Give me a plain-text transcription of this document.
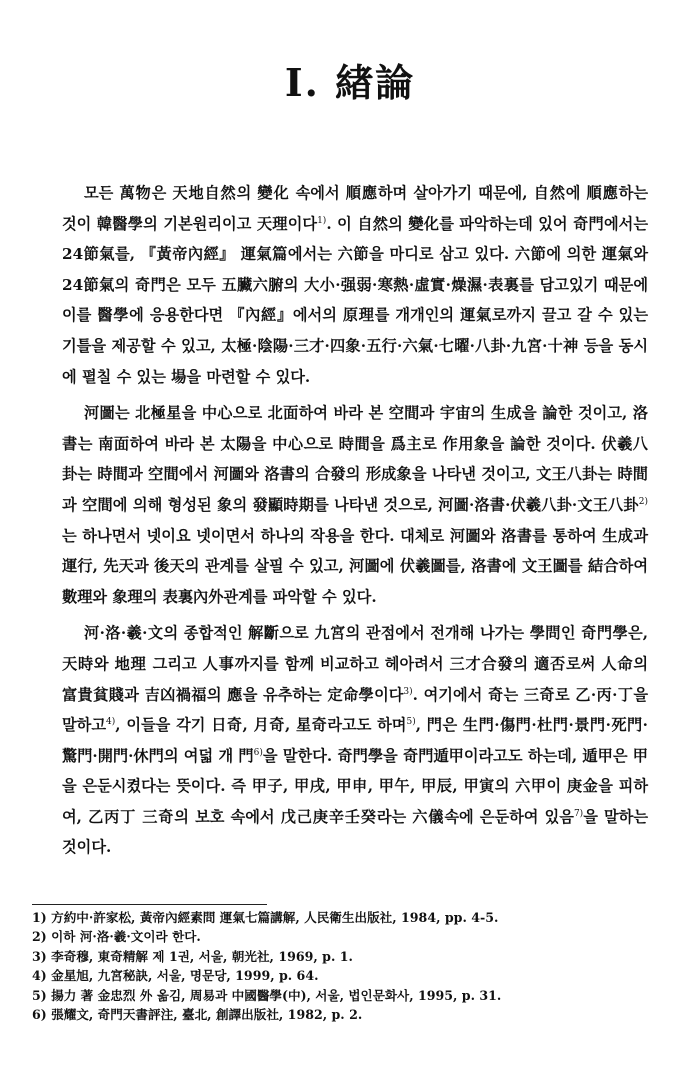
I. 緖論

모든 萬物은 天地自然의 變化 속에서 順應하며 살아가기 때문에, 自然에 順應하는 것이 韓醫學의 기본원리이고 天理이다$^{1)}$. 이 自然의 變化를 파악하는데 있어 奇門에서는 24節氣를, 『黃帝內經』 運氣篇에서는 六節을 마디로 삼고 있다. 六節에 의한 運氣와 24節氣의 奇門은 모두 五臟六腑의 大小·强弱·寒熱·虛實·燥濕·表裏를 담고있기 때문에 이를 醫學에 응용한다면 『內經』에서의 原理를 개개인의 運氣로까지 끌고 갈 수 있는 기틀을 제공할 수 있고, 太極·陰陽·三才·四象·五行·六氣·七曜·八卦·九宮·十神 등을 동시에 펼칠 수 있는 場을 마련할 수 있다.

河圖는 北極星을 中心으로 北面하여 바라 본 空間과 宇宙의 生成을 論한 것이고, 洛書는 南面하여 바라 본 太陽을 中心으로 時間을 爲主로 作用象을 論한 것이다. 伏羲八卦는 時間과 空間에서 河圖와 洛書의 合發의 形成象을 나타낸 것이고, 文王八卦는 時間과 空間에 의해 형성된 象의 發顯時期를 나타낸 것으로, 河圖·洛書·伏羲八卦·文王八卦$^{2)}$는 하나면서 넷이요 넷이면서 하나의 작용을 한다. 대체로 河圖와 洛書를 통하여 生成과 運行, 先天과 後天의 관계를 살필 수 있고, 河圖에 伏羲圖를, 洛書에 文王圖를 結合하여 數理와 象理의 表裏內外관계를 파악할 수 있다.

河·洛·羲·文의 종합적인 解斷으로 九宮의 관점에서 전개해 나가는 學問인 奇門學은, 天時와 地理 그리고 人事까지를 함께 비교하고 헤아려서 三才合發의 適否로써 人命의 富貴貧賤과 吉凶禍福의 應을 유추하는 定命學이다$^{3)}$. 여기에서 奇는 三奇로 乙·丙·丁을 말하고$^{4)}$, 이들을 각기 日奇, 月奇, 星奇라고도 하며$^{5)}$, 門은 生門·傷門·杜門·景門·死門·驚門·開門·休門의 여덟 개 門$^{6)}$을 말한다. 奇門學을 奇門遁甲이라고도 하는데, 遁甲은 甲을 은둔시켰다는 뜻이다. 즉 甲子, 甲戌, 甲申, 甲午, 甲辰, 甲寅의 六甲이 庚金을 피하여, 乙丙丁 三奇의 보호 속에서 戊己庚辛壬癸라는 六儀속에 은둔하여 있음$^{7)}$을 말하는 것이다.

1) 方約中·許家松, 黃帝內經素問 運氣七篇講解, 人民衛生出版社, 1984, pp. 4-5.

2) 이하 河·洛·羲·文이라 한다.

3) 李奇穆, 東奇精解 제 1권, 서울, 朝光社, 1969, p. 1.

4) 金星旭, 九宮秘訣, 서울, 명문당, 1999, p. 64.

5) 揚力 著 金忠烈 外 옮김, 周易과 中國醫學(中), 서울, 법인문화사, 1995, p. 31.

6) 張耀文, 奇門天書評注, 臺北, 創譯出版社, 1982, p. 2.
